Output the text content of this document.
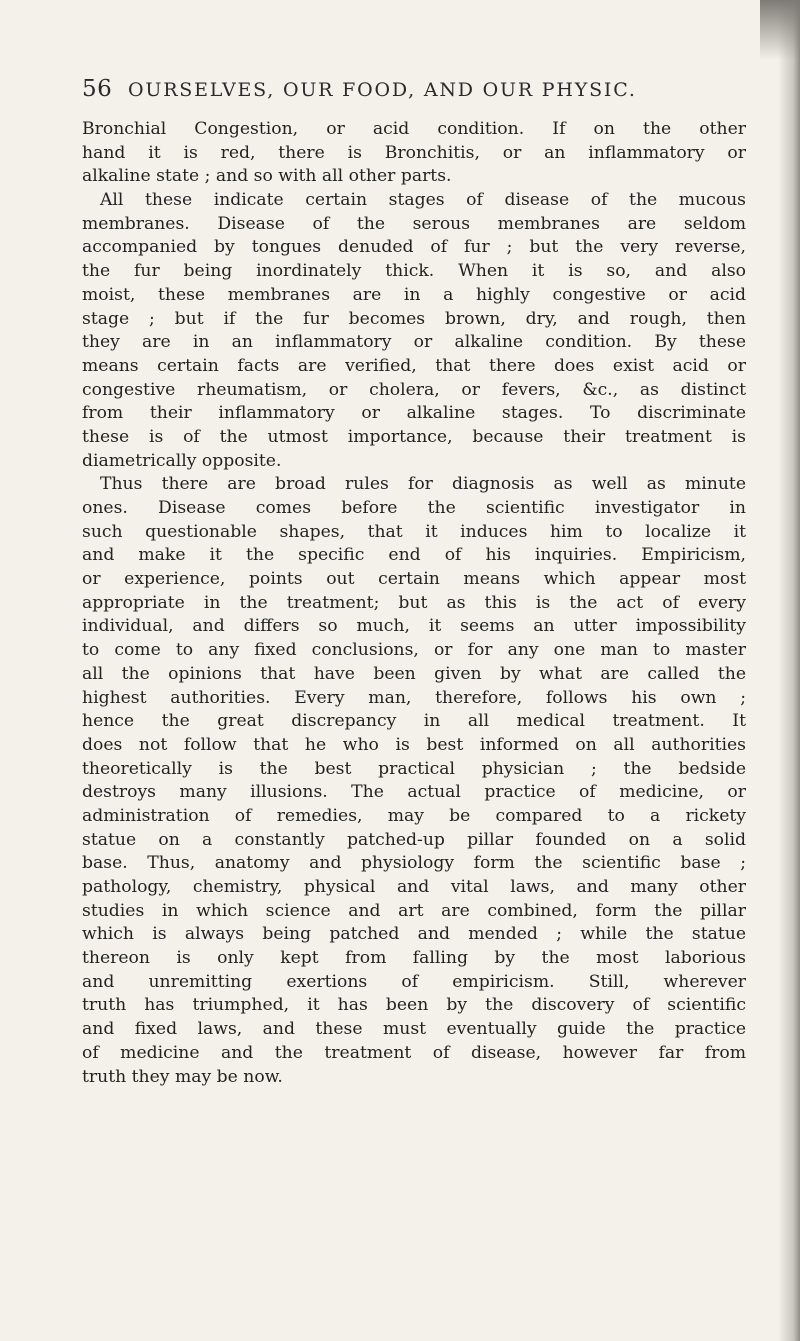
56 OURSELVES, OUR FOOD, AND OUR PHYSIC.
Bronchial Congestion, or acid condition. If on the other
hand it is red, there is Bronchitis, or an inflammatory or
alkaline state ; and so with all other parts.
All these indicate certain stages of disease of the mucous
membranes. Disease of the serous membranes are seldom
accompanied by tongues denuded of fur ; but the very reverse,
the fur being inordinately thick. When it is so, and also
moist, these membranes are in a highly congestive or acid
stage ; but if the fur becomes brown, dry, and rough, then
they are in an inflammatory or alkaline condition. By these
means certain facts are verified, that there does exist acid or
congestive rheumatism, or cholera, or fevers, &c., as distinct
from their inflammatory or alkaline stages. To discriminate
these is of the utmost importance, because their treatment is
diametrically opposite.
Thus there are broad rules for diagnosis as well as minute
ones. Disease comes before the scientific investigator in
such questionable shapes, that it induces him to localize it
and make it the specific end of his inquiries. Empiricism,
or experience, points out certain means which appear most
appropriate in the treatment; but as this is the act of every
individual, and differs so much, it seems an utter impossibility
to come to any fixed conclusions, or for any one man to master
all the opinions that have been given by what are called the
highest authorities. Every man, therefore, follows his own ;
hence the great discrepancy in all medical treatment. It
does not follow that he who is best informed on all authorities
theoretically is the best practical physician ; the bedside
destroys many illusions. The actual practice of medicine, or
administration of remedies, may be compared to a rickety
statue on a constantly patched-up pillar founded on a solid
base. Thus, anatomy and physiology form the scientific base ;
pathology, chemistry, physical and vital laws, and many other
studies in which science and art are combined, form the pillar
which is always being patched and mended ; while the statue
thereon is only kept from falling by the most laborious
and unremitting exertions of empiricism. Still, wherever
truth has triumphed, it has been by the discovery of scientific
and fixed laws, and these must eventually guide the practice
of medicine and the treatment of disease, however far from
truth they may be now.
